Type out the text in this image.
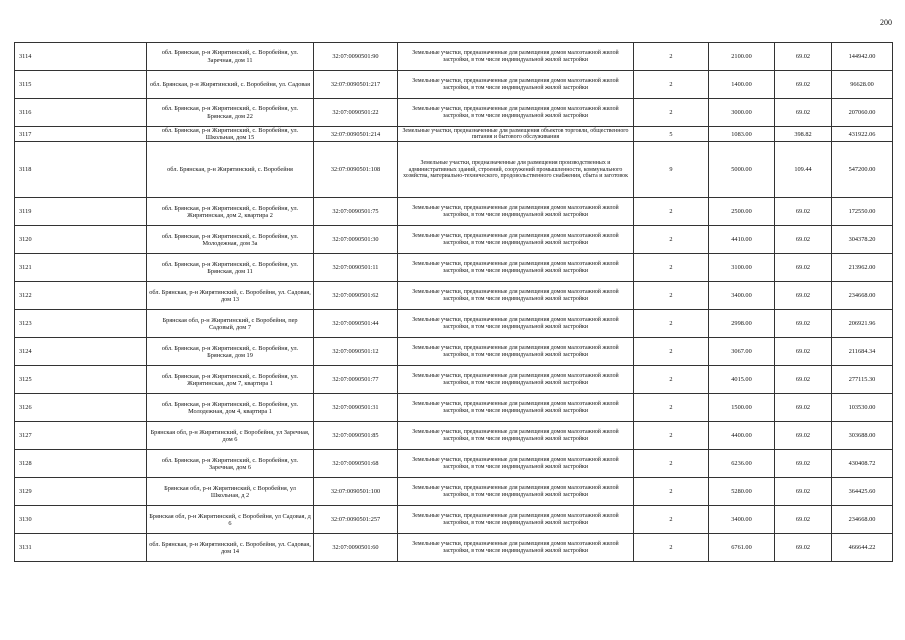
200
3114	обл. Брянская, р-н Жирятинский, с. Воробейня, ул. Заречная, дом 11	32:07:0090501:90	Земельные участки, предназначенные для размещения домов малоэтажной жилой застройки, в том числе индивидуальной жилой застройки	2	2100.00	69.02	144942.00
3115	обл. Брянская, р-н Жирятинский, с. Воробейня, ул. Садовая	32:07:0090501:217	Земельные участки, предназначенные для размещения домов малоэтажной жилой застройки, в том числе индивидуальной жилой застройки	2	1400.00	69.02	96628.00
3116	обл. Брянская, р-н Жирятинский, с. Воробейня, ул. Брянская, дом 22	32:07:0090501:22	Земельные участки, предназначенные для размещения домов малоэтажной жилой застройки, в том числе индивидуальной жилой застройки	2	3000.00	69.02	207060.00
3117	обл. Брянская, р-н Жирятинский, с. Воробейня, ул. Школьная, дом 15	32:07:0090501:214	Земельные участки, предназначенные для размещения объектов торговли, общественного питания и бытового обслуживания	5	1083.00	398.82	431922.06
3118	обл. Брянская, р-н Жирятинский, с. Воробейня	32:07:0090501:108	Земельные участки, предназначенные для размещения производственных и административных зданий, строений, сооружений промышленности, коммунального хозяйства, материально-технического, продовольственного снабжения, сбыта и заготовок	9	5000.00	109.44	547200.00
3119	обл. Брянская, р-н Жирятинский, с. Воробейня, ул. Жирятинская, дом 2, квартира 2	32:07:0090501:75	Земельные участки, предназначенные для размещения домов малоэтажной жилой застройки, в том числе индивидуальной жилой застройки	2	2500.00	69.02	172550.00
3120	обл. Брянская, р-н Жирятинский, с. Воробейня, ул. Молодежная, дом 3а	32:07:0090501:30	Земельные участки, предназначенные для размещения домов малоэтажной жилой застройки, в том числе индивидуальной жилой застройки	2	4410.00	69.02	304378.20
3121	обл. Брянская, р-н Жирятинский, с. Воробейня, ул. Брянская, дом 11	32:07:0090501:11	Земельные участки, предназначенные для размещения домов малоэтажной жилой застройки, в том числе индивидуальной жилой застройки	2	3100.00	69.02	213962.00
3122	обл. Брянская, р-н Жирятинский, с. Воробейня, ул. Садовая, дом 13	32:07:0090501:62	Земельные участки, предназначенные для размещения домов малоэтажной жилой застройки, в том числе индивидуальной жилой застройки	2	3400.00	69.02	234668.00
3123	Брянская обл, р-н Жирятинский, с Воробейня, пер Садовый, дом 7	32:07:0090501:44	Земельные участки, предназначенные для размещения домов малоэтажной жилой застройки, в том числе индивидуальной жилой застройки	2	2998.00	69.02	206921.96
3124	обл. Брянская, р-н Жирятинский, с. Воробейня, ул. Брянская, дом 19	32:07:0090501:12	Земельные участки, предназначенные для размещения домов малоэтажной жилой застройки, в том числе индивидуальной жилой застройки	2	3067.00	69.02	211684.34
3125	обл. Брянская, р-н Жирятинский, с. Воробейня, ул. Жирятинская, дом 7, квартира 1	32:07:0090501:77	Земельные участки, предназначенные для размещения домов малоэтажной жилой застройки, в том числе индивидуальной жилой застройки	2	4015.00	69.02	277115.30
3126	обл. Брянская, р-н Жирятинский, с. Воробейня, ул. Молодежная, дом 4, квартира 1	32:07:0090501:31	Земельные участки, предназначенные для размещения домов малоэтажной жилой застройки, в том числе индивидуальной жилой застройки	2	1500.00	69.02	103530.00
3127	Брянская обл, р-н Жирятинский, с Воробейня, ул Заречная, дом 6	32:07:0090501:85	Земельные участки, предназначенные для размещения домов малоэтажной жилой застройки, в том числе индивидуальной жилой застройки	2	4400.00	69.02	303688.00
3128	обл. Брянская, р-н Жирятинский, с. Воробейня, ул. Заречная, дом 6	32:07:0090501:68	Земельные участки, предназначенные для размещения домов малоэтажной жилой застройки, в том числе индивидуальной жилой застройки	2	6236.00	69.02	430408.72
3129	Брянская обл, р-н Жирятинский, с Воробейня, ул Школьная, д 2	32:07:0090501:100	Земельные участки, предназначенные для размещения домов малоэтажной жилой застройки, в том числе индивидуальной жилой застройки	2	5280.00	69.02	364425.60
3130	Брянская обл, р-н Жирятинский, с Воробейня, ул Садовая, д 6	32:07:0090501:257	Земельные участки, предназначенные для размещения домов малоэтажной жилой застройки, в том числе индивидуальной жилой застройки	2	3400.00	69.02	234668.00
3131	обл. Брянская, р-н Жирятинский, с. Воробейня, ул. Садовая, дом 14	32:07:0090501:60	Земельные участки, предназначенные для размещения домов малоэтажной жилой застройки, в том числе индивидуальной жилой застройки	2	6761.00	69.02	466644.22
